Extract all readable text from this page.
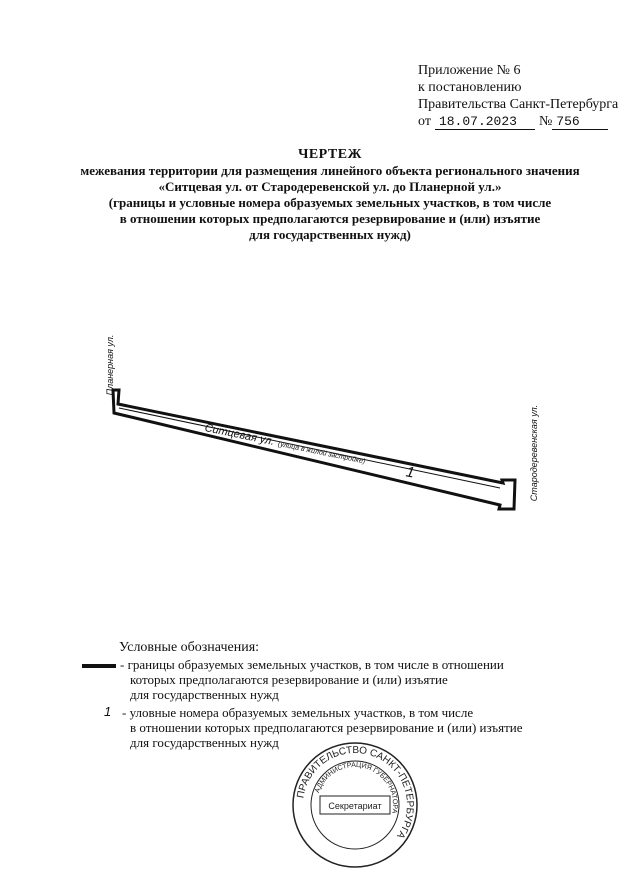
Приложение № 6
к постановлению
Правительства Санкт-Петербурга
от 18.07.2023	№ 756
ЧЕРТЕЖ
межевания территории для размещения линейного объекта регионального значения
«Ситцевая ул. от Стародеревенской ул. до Планерной ул.»
(границы и условные номера образуемых земельных участков, в том числе
в отношении которых предполагаются резервирование и (или) изъятие
для государственных нужд)
Планерная ул.
Стародеревенская ул.
Ситцевая ул. (улица в жилой застройке)
1
Условные обозначения:
- границы образуемых земельных участков, в том числе в отношении
которых предполагаются резервирование и (или) изъятие
для государственных нужд
1 - уловные номера образуемых земельных участков, в том числе
в отношении которых предполагаются резервирование и (или) изъятие
для государственных нужд
ПРАВИТЕЛЬСТВО САНКТ-ПЕТЕРБУРГА
АДМИНИСТРАЦИЯ ГУБЕРНАТОРА
Секретариат
